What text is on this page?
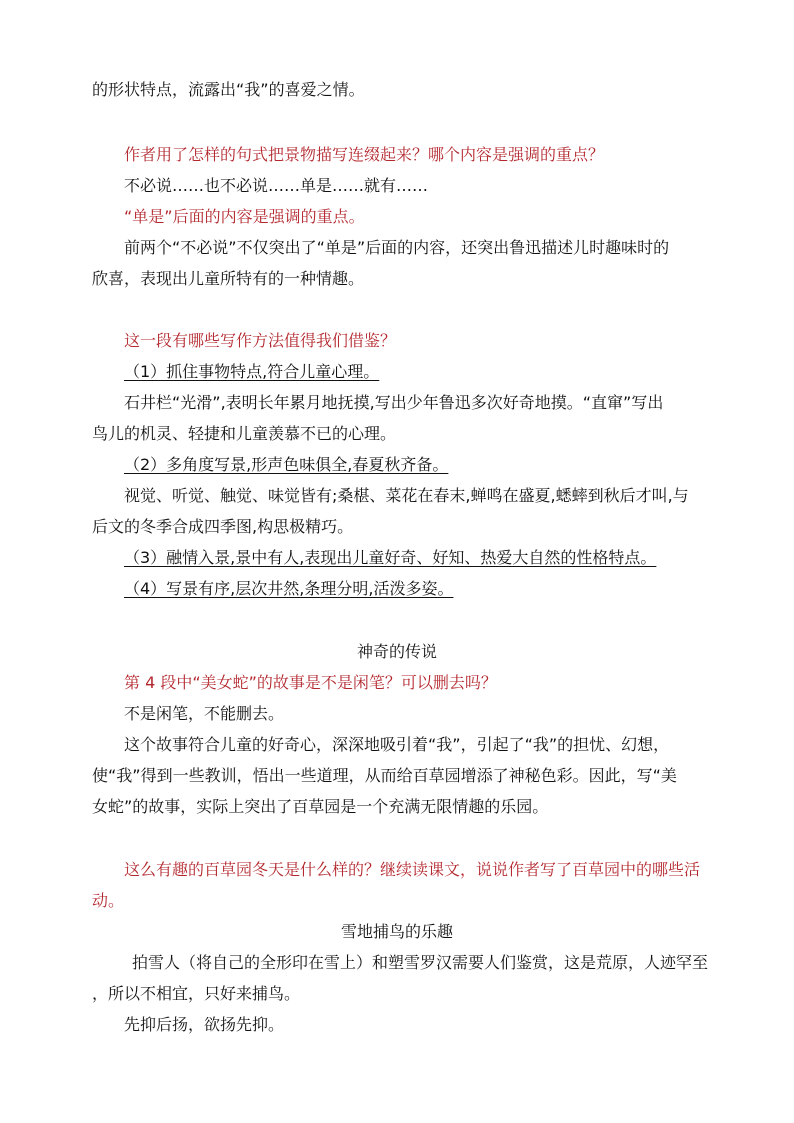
的形状特点，流露出“我”的喜爱之情。
作者用了怎样的句式把景物描写连缀起来？哪个内容是强调的重点？
不必说……也不必说……单是……就有……
“单是”后面的内容是强调的重点。
前两个“不必说”不仅突出了“单是”后面的内容，还突出鲁迅描述儿时趣味时的
欣喜，表现出儿童所特有的一种情趣。
这一段有哪些写作方法值得我们借鉴？
（1）抓住事物特点,符合儿童心理。
石井栏“光滑”,表明长年累月地抚摸,写出少年鲁迅多次好奇地摸。“直窜”写出
鸟儿的机灵、轻捷和儿童羡慕不已的心理。
（2）多角度写景,形声色味俱全,春夏秋齐备。
视觉、听觉、触觉、味觉皆有;桑椹、菜花在春末,蝉鸣在盛夏,蟋蟀到秋后才叫,与
后文的冬季合成四季图,构思极精巧。
（3）融情入景,景中有人,表现出儿童好奇、好知、热爱大自然的性格特点。
（4）写景有序,层次井然,条理分明,活泼多姿。
神奇的传说
第 4 段中“美女蛇”的故事是不是闲笔？可以删去吗？
不是闲笔，不能删去。
这个故事符合儿童的好奇心，深深地吸引着“我”，引起了“我”的担忧、幻想，
使“我”得到一些教训，悟出一些道理，从而给百草园增添了神秘色彩。因此，写“美
女蛇”的故事，实际上突出了百草园是一个充满无限情趣的乐园。
这么有趣的百草园冬天是什么样的？继续读课文，说说作者写了百草园中的哪些活
动。
雪地捕鸟的乐趣
拍雪人（将自己的全形印在雪上）和塑雪罗汉需要人们鉴赏，这是荒原，人迹罕至
，所以不相宜，只好来捕鸟。
先抑后扬，欲扬先抑。
